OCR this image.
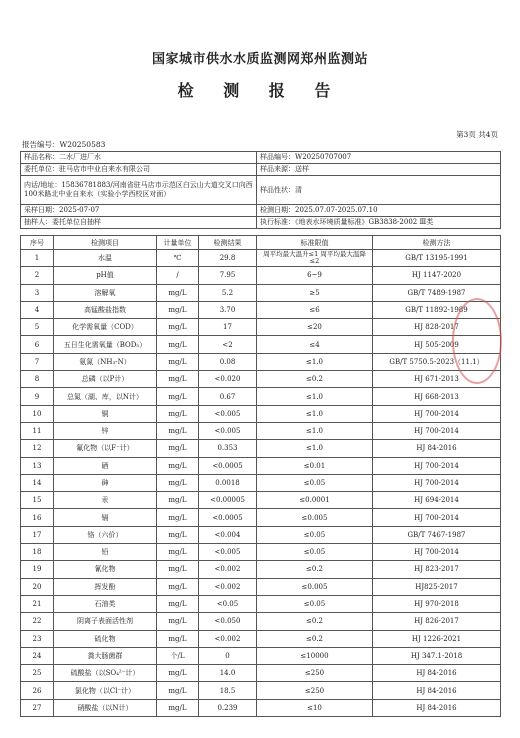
国家城市供水水质监测网郑州监测站
检 测 报 告
第3页 共4页
报告编号：W20250583
样品名称：二水厂进厂水	样品编号：W20250707007
委托单位：驻马店市中业自来水有限公司	样品来源：送样
内话/地址：15836781883/河南省驻马店市示范区白云山大道交叉口向西100米路北中业自来水（实验小学西校区对面）	样品性状：清
采样日期：2025-07-07	检测日期：2025.07.07-2025.07.10
抽样人：委托单位自抽样	执行标准：《地表水环境质量标准》GB3838-2002 Ⅲ类
序号	检测项目	计量单位	检测结果	标准限值	检测方法
1	水温	℃	29.8	周平均最大温升≤1 周平均最大温降≤2	GB/T 13195-1991
2	pH值	/	7.95	6~9	HJ 1147-2020
3	溶解氧	mg/L	5.2	≥5	GB/T 7489-1987
4	高锰酸盐指数	mg/L	3.70	≤6	GB/T 11892-1989
5	化学需氧量（COD）	mg/L	17	≤20	HJ 828-2017
6	五日生化需氧量（BOD₅）	mg/L	<2	≤4	HJ 505-2009
7	氨氮（NH₃-N）	mg/L	0.08	≤1.0	GB/T 5750.5-2023（11.1）
8	总磷（以P计）	mg/L	<0.020	≤0.2	HJ 671-2013
9	总氮（湖、库，以N计）	mg/L	0.67	≤1.0	HJ 668-2013
10	铜	mg/L	<0.005	≤1.0	HJ 700-2014
11	锌	mg/L	<0.005	≤1.0	HJ 700-2014
12	氟化物（以F⁻计）	mg/L	0.353	≤1.0	HJ 84-2016
13	硒	mg/L	<0.0005	≤0.01	HJ 700-2014
14	砷	mg/L	0.0018	≤0.05	HJ 700-2014
15	汞	mg/L	<0.00005	≤0.0001	HJ 694-2014
16	镉	mg/L	<0.0005	≤0.005	HJ 700-2014
17	铬（六价）	mg/L	<0.004	≤0.05	GB/T 7467-1987
18	铅	mg/L	<0.005	≤0.05	HJ 700-2014
19	氰化物	mg/L	<0.002	≤0.2	HJ 823-2017
20	挥发酚	mg/L	<0.002	≤0.005	HJ825-2017
21	石油类	mg/L	<0.05	≤0.05	HJ 970-2018
22	阴离子表面活性剂	mg/L	<0.050	≤0.2	HJ 826-2017
23	硫化物	mg/L	<0.002	≤0.2	HJ 1226-2021
24	粪大肠菌群	个/L	0	≤10000	HJ 347.1-2018
25	硫酸盐（以SO₄²⁻计）	mg/L	14.0	≤250	HJ 84-2016
26	氯化物（以Cl⁻计）	mg/L	18.5	≤250	HJ 84-2016
27	硝酸盐（以N计）	mg/L	0.239	≤10	HJ 84-2016
